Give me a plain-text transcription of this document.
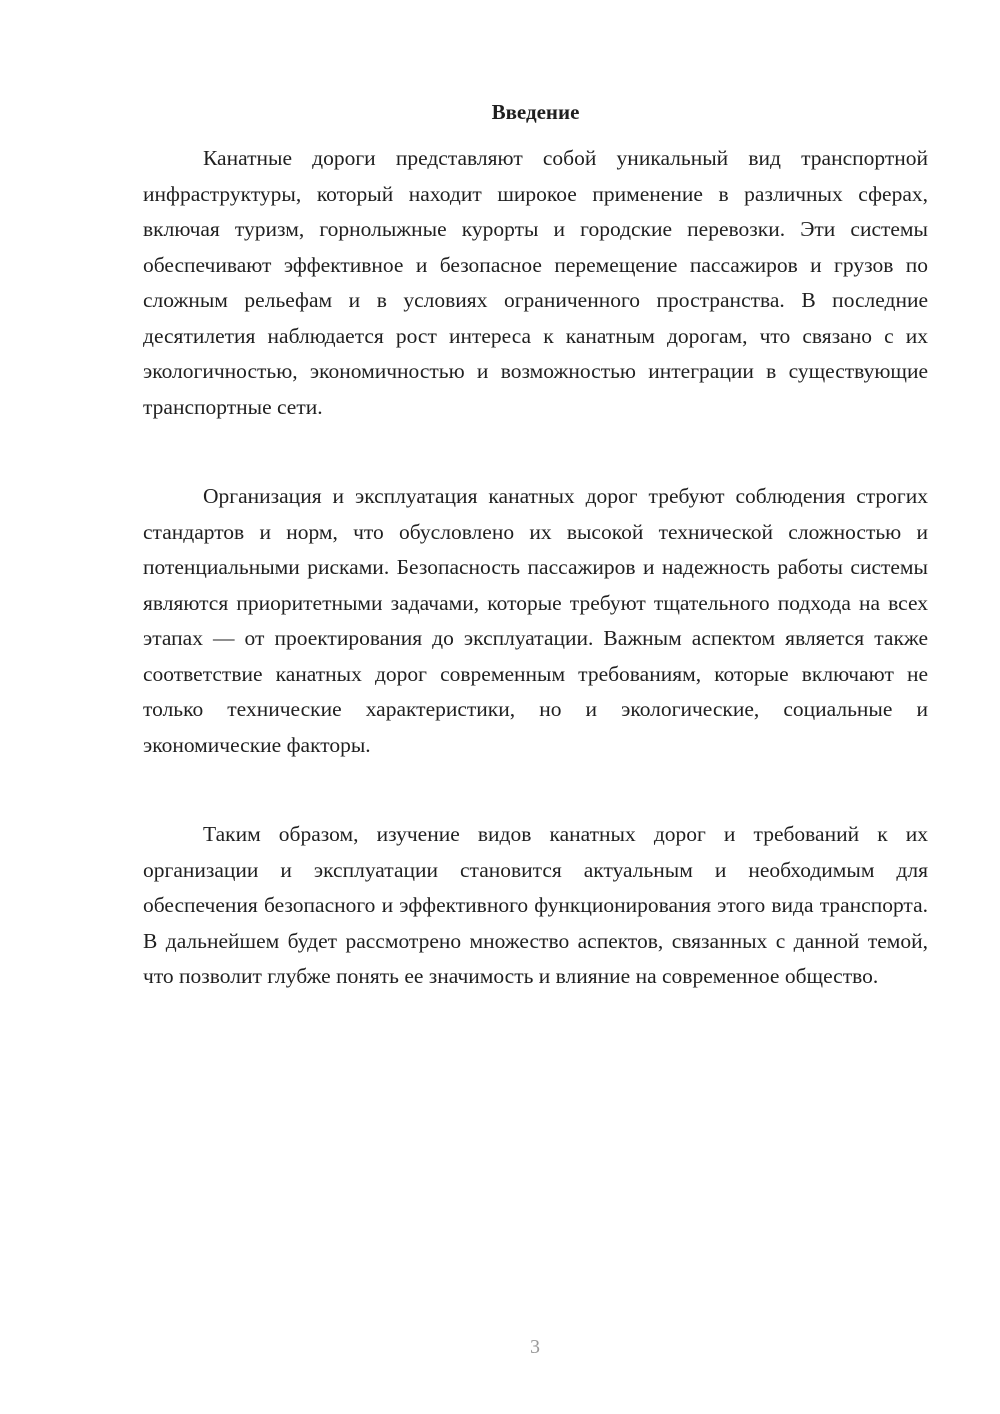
Введение

Канатные дороги представляют собой уникальный вид транспортной инфраструктуры, который находит широкое применение в различных сферах, включая туризм, горнолыжные курорты и городские перевозки. Эти системы обеспечивают эффективное и безопасное перемещение пассажиров и грузов по сложным рельефам и в условиях ограниченного пространства. В последние десятилетия наблюдается рост интереса к канатным дорогам, что связано с их экологичностью, экономичностью и возможностью интеграции в существующие транспортные сети.

Организация и эксплуатация канатных дорог требуют соблюдения строгих стандартов и норм, что обусловлено их высокой технической сложностью и потенциальными рисками. Безопасность пассажиров и надежность работы системы являются приоритетными задачами, которые требуют тщательного подхода на всех этапах — от проектирования до эксплуатации. Важным аспектом является также соответствие канатных дорог современным требованиям, которые включают не только технические характеристики, но и экологические, социальные и экономические факторы.

Таким образом, изучение видов канатных дорог и требований к их организации и эксплуатации становится актуальным и необходимым для обеспечения безопасного и эффективного функционирования этого вида транспорта. В дальнейшем будет рассмотрено множество аспектов, связанных с данной темой, что позволит глубже понять ее значимость и влияние на современное общество.

3
